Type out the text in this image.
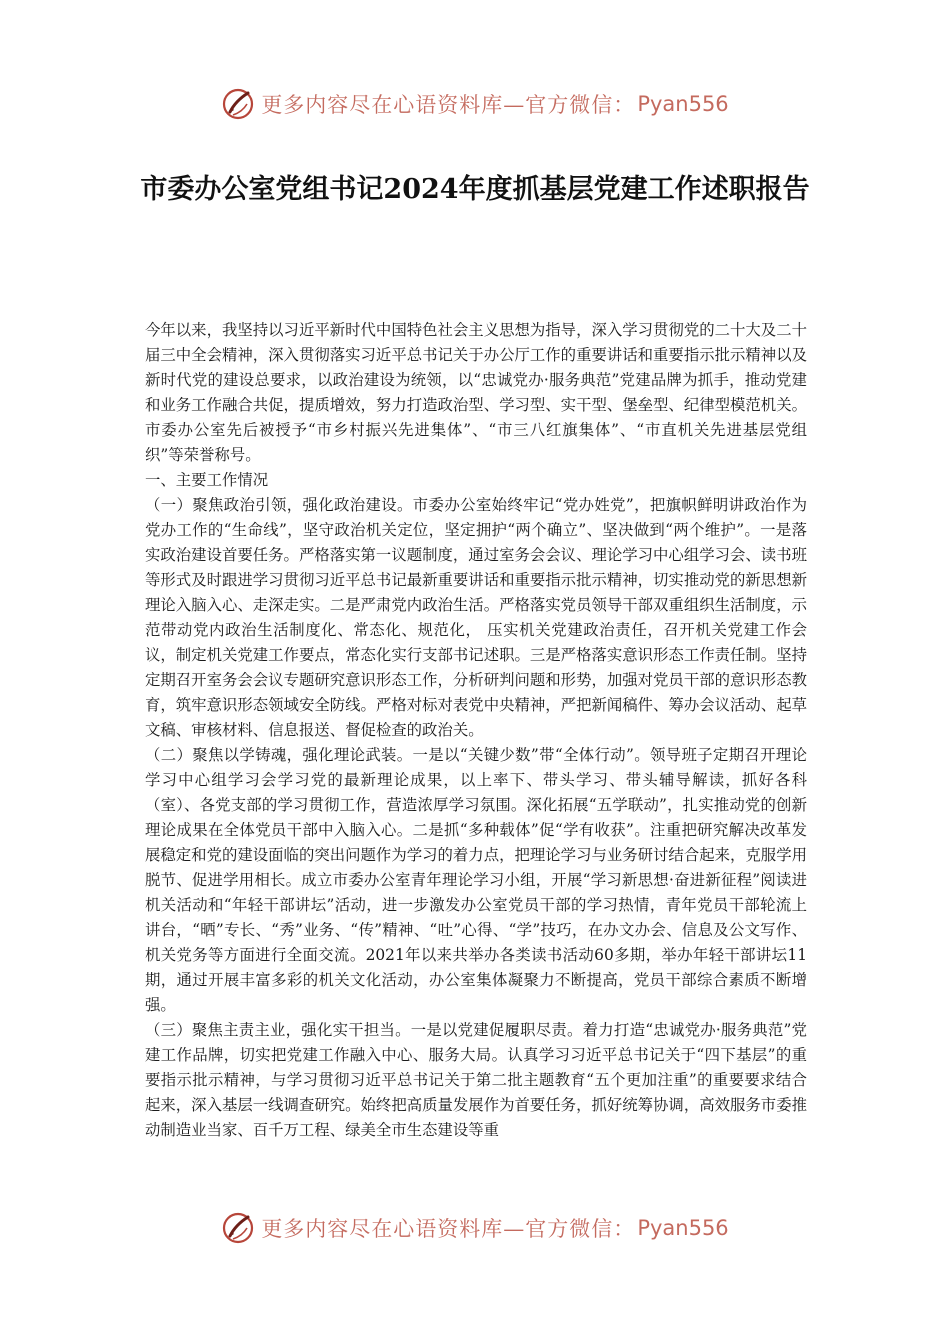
更多内容尽在心语资料库—官方微信： Pyan556
市委办公室党组书记2024年度抓基层党建工作述职报告

今年以来，我坚持以习近平新时代中国特色社会主义思想为指导，深入学习贯彻党的二十大及二十届三中全会精神，深入贯彻落实习近平总书记关于办公厅工作的重要讲话和重要指示批示精神以及新时代党的建设总要求，以政治建设为统领，以“忠诚党办·服务典范”党建品牌为抓手，推动党建和业务工作融合共促，提质增效，努力打造政治型、学习型、实干型、堡垒型、纪律型模范机关。市委办公室先后被授予“市乡村振兴先进集体”、“市三八红旗集体”、“市直机关先进基层党组织”等荣誉称号。

一、主要工作情况

（一）聚焦政治引领，强化政治建设。市委办公室始终牢记“党办姓党”，把旗帜鲜明讲政治作为党办工作的“生命线”，坚守政治机关定位，坚定拥护“两个确立”、坚决做到“两个维护”。一是落实政治建设首要任务。严格落实第一议题制度，通过室务会会议、理论学习中心组学习会、读书班等形式及时跟进学习贯彻习近平总书记最新重要讲话和重要指示批示精神，切实推动党的新思想新理论入脑入心、走深走实。二是严肃党内政治生活。严格落实党员领导干部双重组织生活制度，示范带动党内政治生活制度化、常态化、规范化， 压实机关党建政治责任，召开机关党建工作会议，制定机关党建工作要点，常态化实行支部书记述职。三是严格落实意识形态工作责任制。坚持定期召开室务会会议专题研究意识形态工作，分析研判问题和形势，加强对党员干部的意识形态教育，筑牢意识形态领域安全防线。严格对标对表党中央精神，严把新闻稿件、筹办会议活动、起草文稿、审核材料、信息报送、督促检查的政治关。

（二）聚焦以学铸魂，强化理论武装。一是以“关键少数”带“全体行动”。领导班子定期召开理论学习中心组学习会学习党的最新理论成果，以上率下、带头学习、带头辅导解读，抓好各科（室）、各党支部的学习贯彻工作，营造浓厚学习氛围。深化拓展“五学联动”，扎实推动党的创新理论成果在全体党员干部中入脑入心。二是抓“多种载体”促“学有收获”。注重把研究解决改革发展稳定和党的建设面临的突出问题作为学习的着力点，把理论学习与业务研讨结合起来，克服学用脱节、促进学用相长。成立市委办公室青年理论学习小组，开展“学习新思想·奋进新征程”阅读进机关活动和“年轻干部讲坛”活动，进一步激发办公室党员干部的学习热情，青年党员干部轮流上讲台，“晒”专长、“秀”业务、“传”精神、“吐”心得、“学”技巧，在办文办会、信息及公文写作、机关党务等方面进行全面交流。2021年以来共举办各类读书活动60多期，举办年轻干部讲坛11期，通过开展丰富多彩的机关文化活动，办公室集体凝聚力不断提高，党员干部综合素质不断增强。

（三）聚焦主责主业，强化实干担当。一是以党建促履职尽责。着力打造“忠诚党办·服务典范”党建工作品牌，切实把党建工作融入中心、服务大局。认真学习习近平总书记关于“四下基层”的重要指示批示精神，与学习贯彻习近平总书记关于第二批主题教育“五个更加注重”的重要要求结合起来，深入基层一线调查研究。始终把高质量发展作为首要任务，抓好统筹协调，高效服务市委推动制造业当家、百千万工程、绿美全市生态建设等重

更多内容尽在心语资料库—官方微信： Pyan556
